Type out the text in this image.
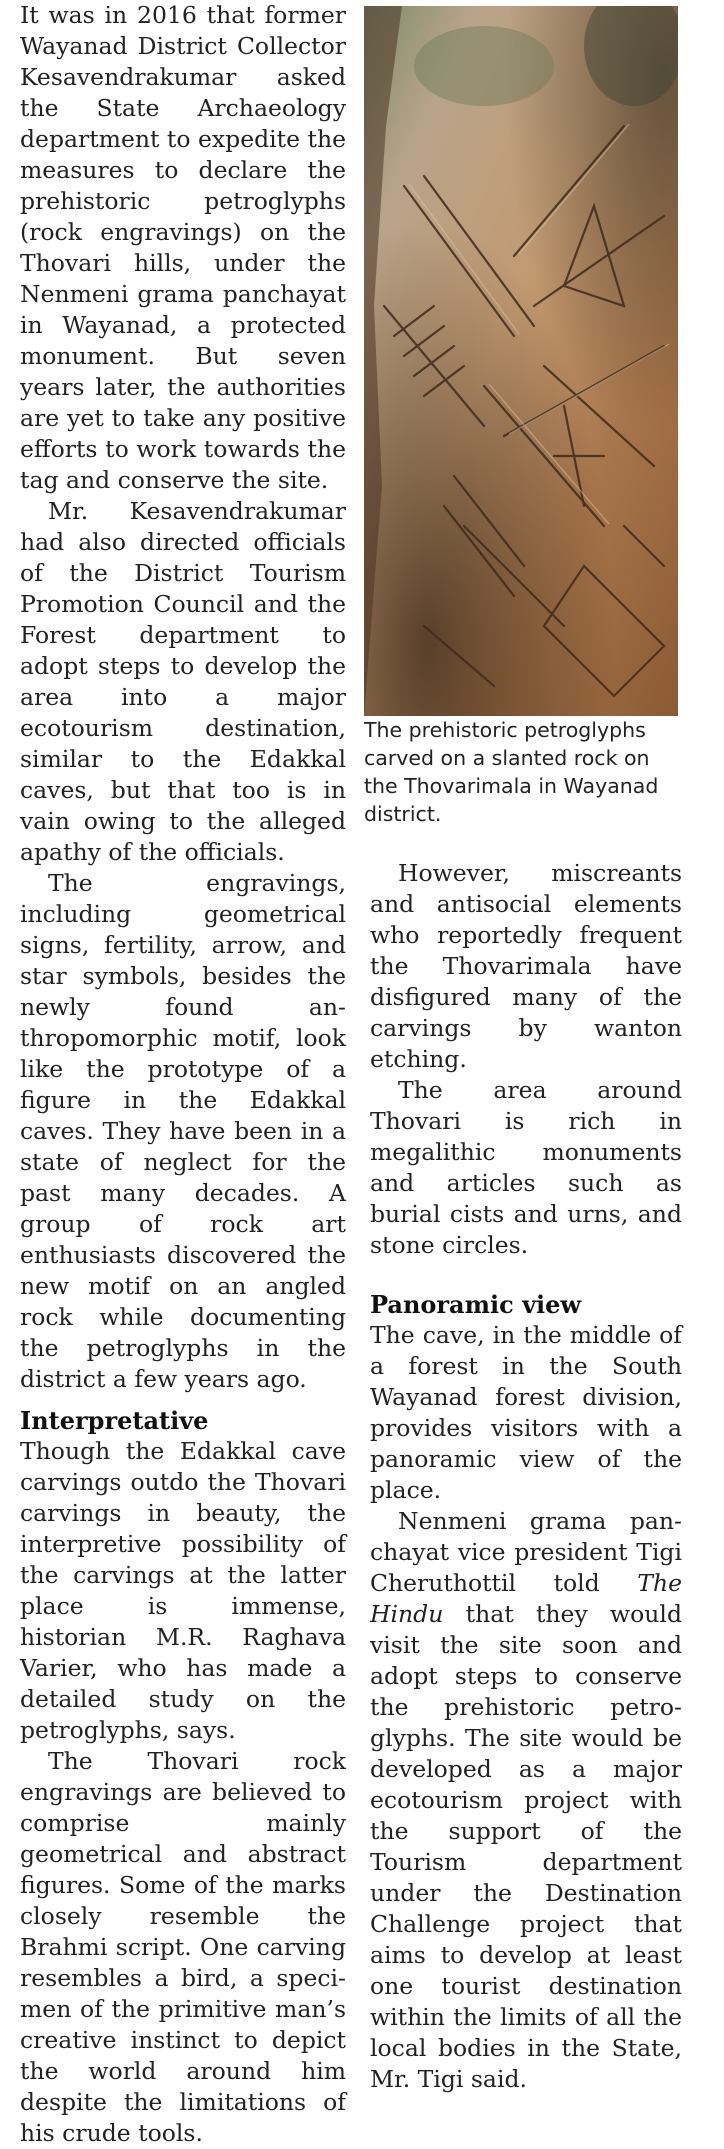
It was in 2016 that former Wayanad District Collector Kesavendrakumar asked the State Archaeology department to expedite the measures to declare the prehistoric petroglyphs (rock engravings) on the Thovari hills, under the Nenmeni grama panchayat in Wayanad, a protected monument. But seven years later, the authorities are yet to take any positive efforts to work towards the tag and conserve the site.

Mr. Kesavendrakumar had also directed officials of the District Tourism Promotion Council and the Forest department to adopt steps to develop the area into a major ecotourism destination, similar to the Edakkal caves, but that too is in vain owing to the alleged apathy of the officials.

The engravings, including geometrical signs, fertility, arrow, and star symbols, besides the newly found anthropomorphic motif, look like the prototype of a figure in the Edakkal caves. They have been in a state of neglect for the past many decades. A group of rock art enthusiasts discovered the new motif on an angled rock while documenting the petroglyphs in the district a few years ago.

Interpretative

Though the Edakkal cave carvings outdo the Thovari carvings in beauty, the interpretive possibility of the carvings at the latter place is immense, historian M.R. Raghava Varier, who has made a detailed study on the petroglyphs, says.

The Thovari rock engravings are believed to comprise mainly geometrical and abstract figures. Some of the marks closely resemble the Brahmi script. One carving resembles a bird, a specimen of the primitive man’s creative instinct to depict the world around him despite the limitations of his crude tools.

The prehistoric petroglyphs carved on a slanted rock on the Thovarimala in Wayanad district.

However, miscreants and antisocial elements who reportedly frequent the Thovarimala have disfigured many of the carvings by wanton etching.

The area around Thovari is rich in megalithic monuments and articles such as burial cists and urns, and stone circles.

Panoramic view

The cave, in the middle of a forest in the South Wayanad forest division, provides visitors with a panoramic view of the place.

Nenmeni grama panchayat vice president Tigi Cheruthottil told The Hindu that they would visit the site soon and adopt steps to conserve the prehistoric petroglyphs. The site would be developed as a major ecotourism project with the support of the Tourism department under the Destination Challenge project that aims to develop at least one tourist destination within the limits of all the local bodies in the State, Mr. Tigi said.
